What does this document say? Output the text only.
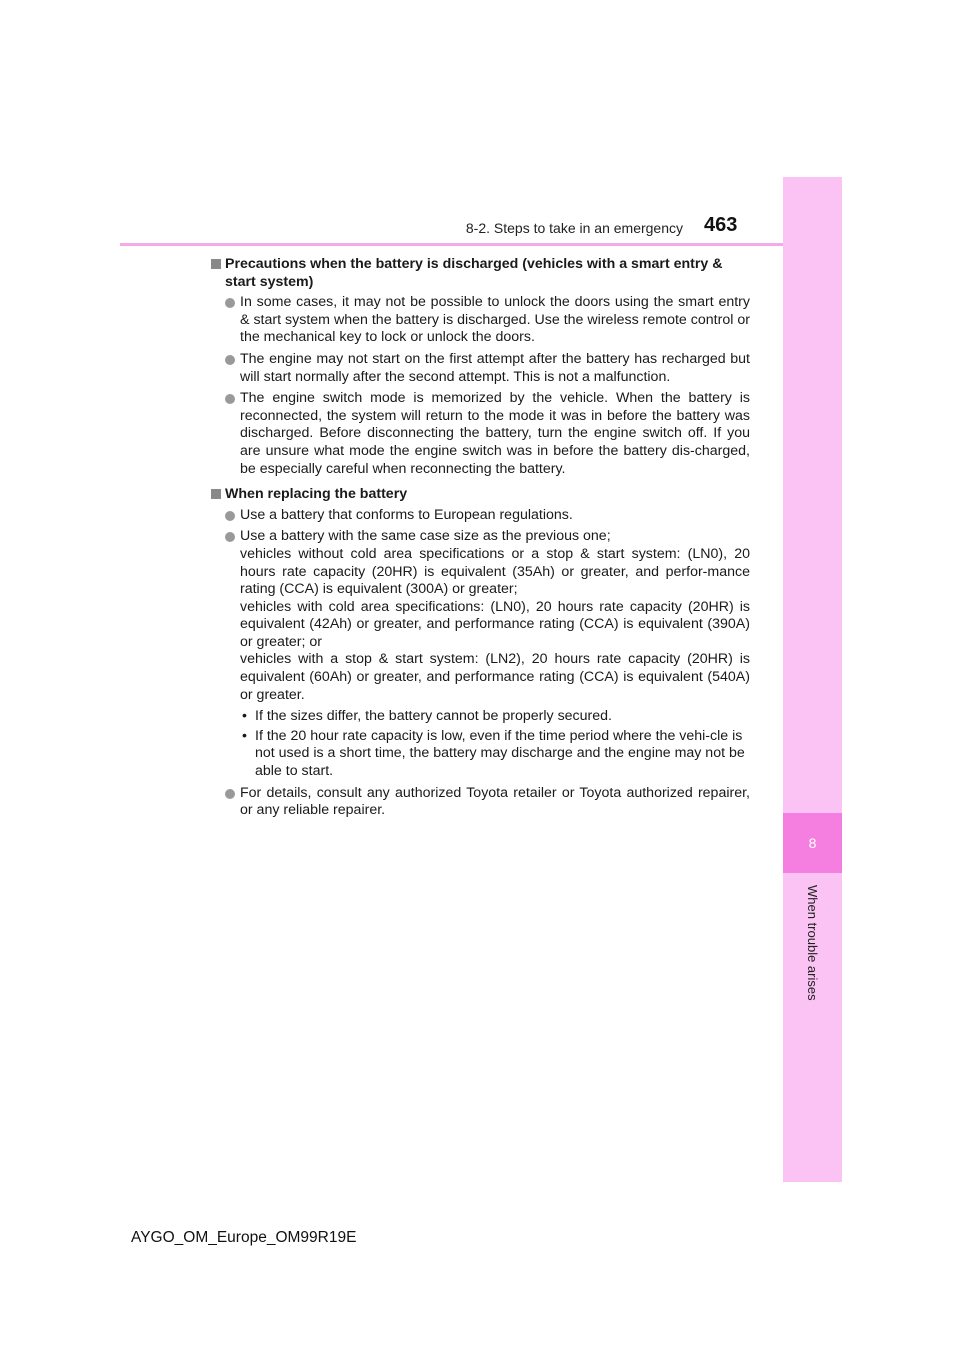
8-2. Steps to take in an emergency 463
8
When trouble arises
Precautions when the battery is discharged (vehicles with a smart entry & start system)
In some cases, it may not be possible to unlock the doors using the smart entry & start system when the battery is discharged. Use the wireless remote control or the mechanical key to lock or unlock the doors.
The engine may not start on the first attempt after the battery has recharged but will start normally after the second attempt. This is not a malfunction.
The engine switch mode is memorized by the vehicle. When the battery is reconnected, the system will return to the mode it was in before the battery was discharged. Before disconnecting the battery, turn the engine switch off. If you are unsure what mode the engine switch was in before the battery dis-charged, be especially careful when reconnecting the battery.
When replacing the battery
Use a battery that conforms to European regulations.
Use a battery with the same case size as the previous one;
vehicles without cold area specifications or a stop & start system: (LN0), 20 hours rate capacity (20HR) is equivalent (35Ah) or greater, and perfor-mance rating (CCA) is equivalent (300A) or greater;
vehicles with cold area specifications: (LN0), 20 hours rate capacity (20HR) is equivalent (42Ah) or greater, and performance rating (CCA) is equivalent (390A) or greater; or
vehicles with a stop & start system: (LN2), 20 hours rate capacity (20HR) is equivalent (60Ah) or greater, and performance rating (CCA) is equivalent (540A) or greater.
• If the sizes differ, the battery cannot be properly secured.
• If the 20 hour rate capacity is low, even if the time period where the vehi-cle is not used is a short time, the battery may discharge and the engine may not be able to start.
For details, consult any authorized Toyota retailer or Toyota authorized repairer, or any reliable repairer.
AYGO_OM_Europe_OM99R19E
